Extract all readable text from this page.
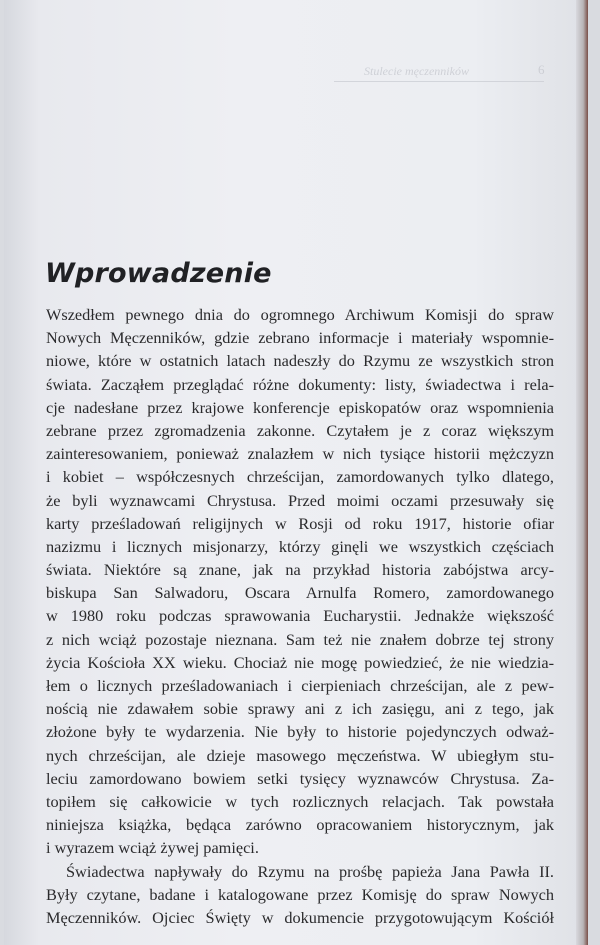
Stulecie męczenników	6
Wprowadzenie
Wszedłem pewnego dnia do ogromnego Archiwum Komisji do spraw
Nowych Męczenników, gdzie zebrano informacje i materiały wspomnie-
niowe, które w ostatnich latach nadeszły do Rzymu ze wszystkich stron
świata. Zacząłem przeglądać różne dokumenty: listy, świadectwa i rela-
cje nadesłane przez krajowe konferencje episkopatów oraz wspomnienia
zebrane przez zgromadzenia zakonne. Czytałem je z coraz większym
zainteresowaniem, ponieważ znalazłem w nich tysiące historii mężczyzn
i kobiet – współczesnych chrześcijan, zamordowanych tylko dlatego,
że byli wyznawcami Chrystusa. Przed moimi oczami przesuwały się
karty prześladowań religijnych w Rosji od roku 1917, historie ofiar
nazizmu i licznych misjonarzy, którzy ginęli we wszystkich częściach
świata. Niektóre są znane, jak na przykład historia zabójstwa arcy-
biskupa San Salwadoru, Oscara Arnulfa Romero, zamordowanego
w 1980 roku podczas sprawowania Eucharystii. Jednakże większość
z nich wciąż pozostaje nieznana. Sam też nie znałem dobrze tej strony
życia Kościoła XX wieku. Chociaż nie mogę powiedzieć, że nie wiedzia-
łem o licznych prześladowaniach i cierpieniach chrześcijan, ale z pew-
nością nie zdawałem sobie sprawy ani z ich zasięgu, ani z tego, jak
złożone były te wydarzenia. Nie były to historie pojedynczych odważ-
nych chrześcijan, ale dzieje masowego męczeństwa. W ubiegłym stu-
leciu zamordowano bowiem setki tysięcy wyznawców Chrystusa. Za-
topiłem się całkowicie w tych rozlicznych relacjach. Tak powstała
niniejsza książka, będąca zarówno opracowaniem historycznym, jak
i wyrazem wciąż żywej pamięci.
Świadectwa napływały do Rzymu na prośbę papieża Jana Pawła II.
Były czytane, badane i katalogowane przez Komisję do spraw Nowych
Męczenników. Ojciec Święty w dokumencie przygotowującym Kościół
